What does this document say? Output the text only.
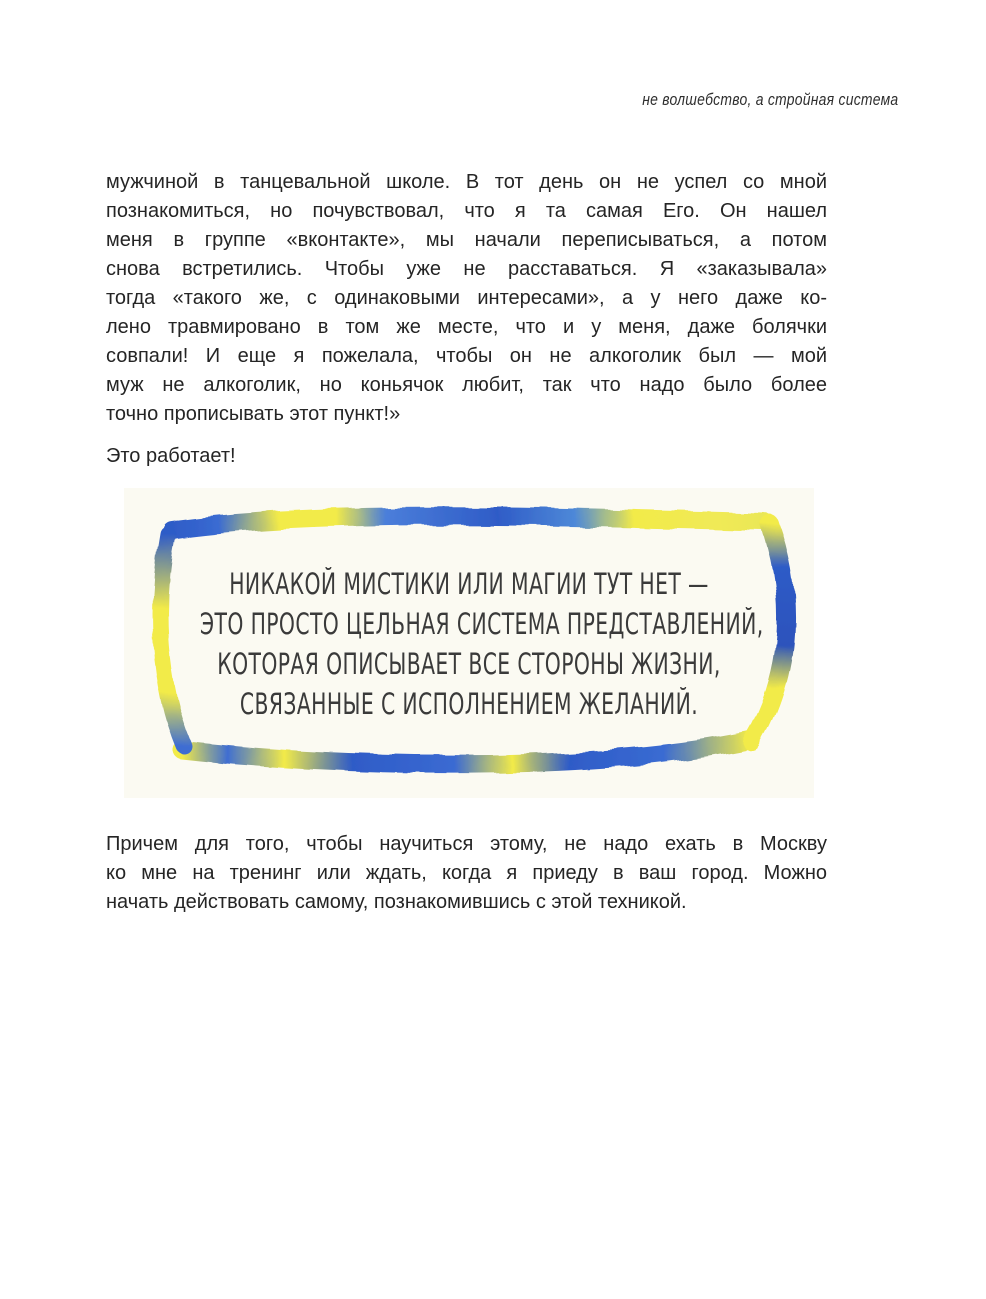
не волшебство, а стройная система
мужчиной в танцевальной школе. В тот день он не успел со мной
познакомиться, но почувствовал, что я та самая Его. Он нашел
меня в группе «вконтакте», мы начали переписываться, а потом
снова встретились. Чтобы уже не расставаться. Я «заказывала»
тогда «такого же, с одинаковыми интересами», а у него даже ко-
лено травмировано в том же месте, что и у меня, даже болячки
совпали! И еще я пожелала, чтобы он не алкоголик был — мой
муж не алкоголик, но коньячок любит, так что надо было более
точно прописывать этот пункт!»
Это работает!
НИКАКОЙ МИСТИКИ ИЛИ МАГИИ ТУТ НЕТ —
ЭТО ПРОСТО ЦЕЛЬНАЯ СИСТЕМА ПРЕДСТАВЛЕНИЙ,
КОТОРАЯ ОПИСЫВАЕТ ВСЕ СТОРОНЫ ЖИЗНИ,
СВЯЗАННЫЕ С ИСПОЛНЕНИЕМ ЖЕЛАНИЙ.
Причем для того, чтобы научиться этому, не надо ехать в Москву
ко мне на тренинг или ждать, когда я приеду в ваш город. Можно
начать действовать самому, познакомившись с этой техникой.
